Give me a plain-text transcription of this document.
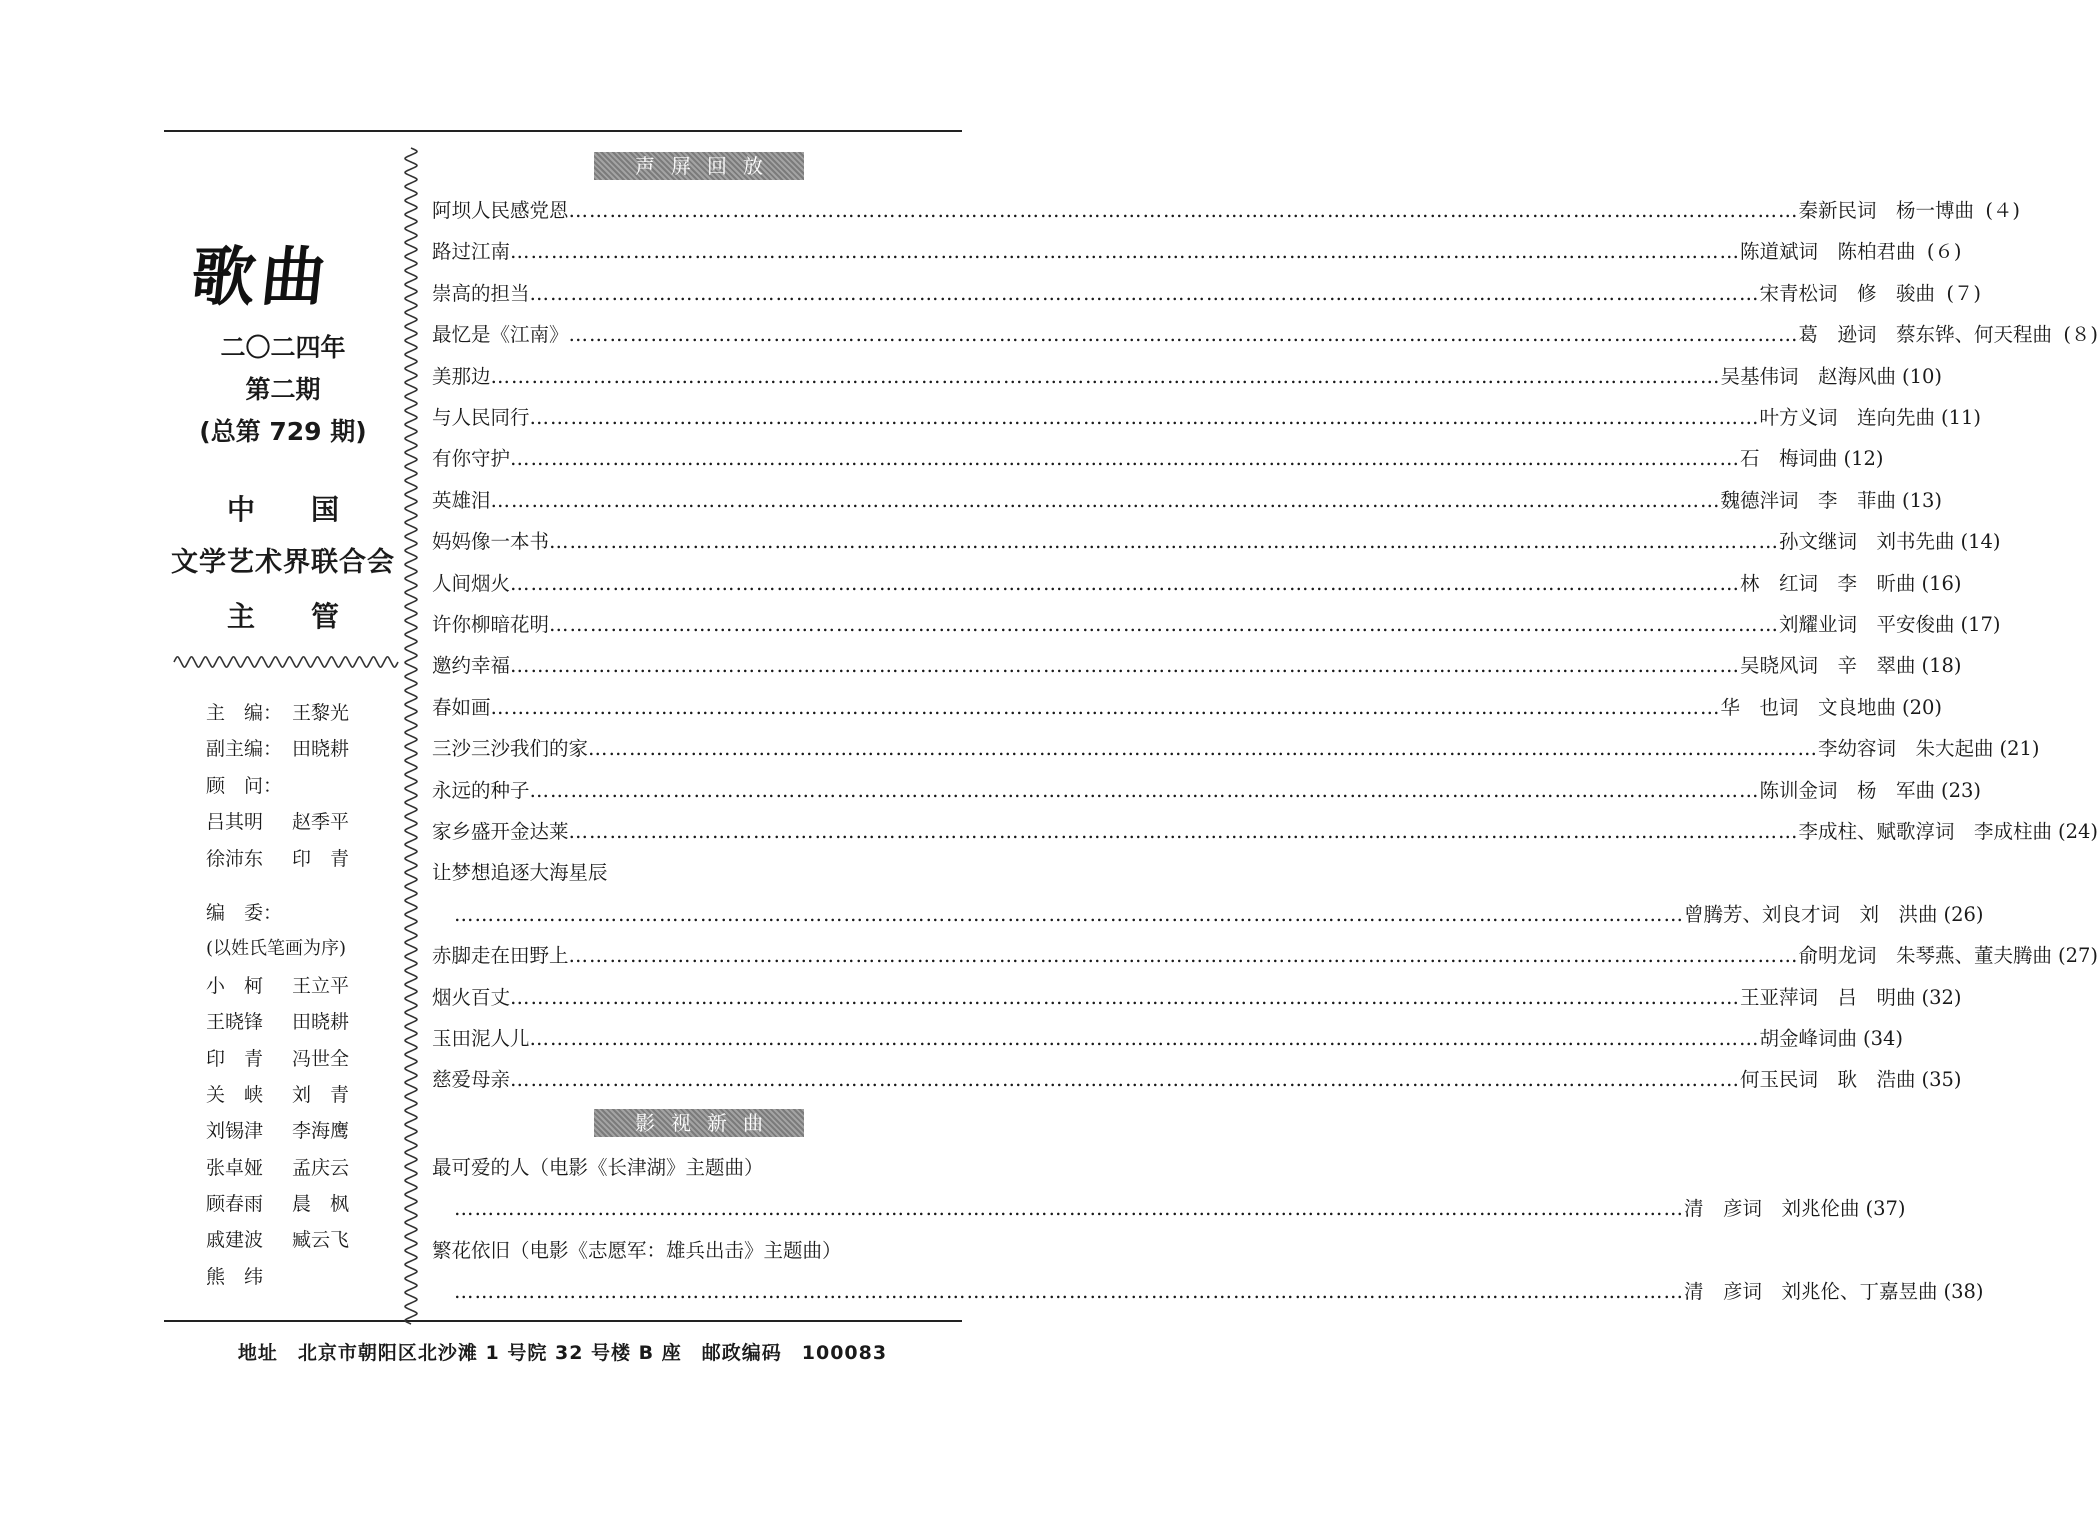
歌曲
二〇二四年
第二期
(总第 729 期)
中　　国
文学艺术界联合会
主　　管
主　编： 王黎光
副主编： 田晓耕
顾　问：
吕其明 赵季平
徐沛东 印　青
编　委：
(以姓氏笔画为序)
小　柯 王立平
王晓锋 田晓耕
印　青 冯世全
关　峡 刘　青
刘锡津 李海鹰
张卓娅 孟庆云
顾春雨 晨　枫
戚建波 臧云飞
熊　纬
声屏回放
阿坝人民感党恩 ……………………………………………………………………………………………………………………………………………………………… 秦新民词　杨一博曲 (４)
路过江南 ……………………………………………………………………………………………………………………………………………………………… 陈道斌词　陈柏君曲 (６)
崇高的担当 ……………………………………………………………………………………………………………………………………………………………… 宋青松词　修　骏曲 (７)
最忆是《江南》 ……………………………………………………………………………………………………………………………………………………………… 葛　逊词　蔡东铧、何天程曲 (８)
美那边 ……………………………………………………………………………………………………………………………………………………………… 吴基伟词　赵海风曲 (10)
与人民同行 ……………………………………………………………………………………………………………………………………………………………… 叶方义词　连向先曲 (11)
有你守护 ……………………………………………………………………………………………………………………………………………………………… 石　梅词曲 (12)
英雄泪 ……………………………………………………………………………………………………………………………………………………………… 魏德泮词　李　菲曲 (13)
妈妈像一本书 ……………………………………………………………………………………………………………………………………………………………… 孙文继词　刘书先曲 (14)
人间烟火 ……………………………………………………………………………………………………………………………………………………………… 林　红词　李　昕曲 (16)
许你柳暗花明 ……………………………………………………………………………………………………………………………………………………………… 刘耀业词　平安俊曲 (17)
邀约幸福 ……………………………………………………………………………………………………………………………………………………………… 吴晓风词　辛　翠曲 (18)
春如画 ……………………………………………………………………………………………………………………………………………………………… 华　也词　文良地曲 (20)
三沙三沙我们的家 ……………………………………………………………………………………………………………………………………………………………… 李幼容词　朱大起曲 (21)
永远的种子 ……………………………………………………………………………………………………………………………………………………………… 陈训金词　杨　军曲 (23)
家乡盛开金达莱 ……………………………………………………………………………………………………………………………………………………………… 李成柱、赋歌淳词　李成柱曲 (24)
让梦想追逐大海星辰
……………………………………………………………………………………………………………………………………………………………… 曾腾芳、刘良才词　刘　洪曲 (26)
赤脚走在田野上 ……………………………………………………………………………………………………………………………………………………………… 俞明龙词　朱琴燕、董夫腾曲 (27)
烟火百丈 ……………………………………………………………………………………………………………………………………………………………… 王亚萍词　吕　明曲 (32)
玉田泥人儿 ……………………………………………………………………………………………………………………………………………………………… 胡金峰词曲 (34)
慈爱母亲 ……………………………………………………………………………………………………………………………………………………………… 何玉民词　耿　浩曲 (35)
影视新曲
最可爱的人（电影《长津湖》主题曲）
……………………………………………………………………………………………………………………………………………………………… 清　彦词　刘兆伦曲 (37)
繁花依旧（电影《志愿军：雄兵出击》主题曲）
……………………………………………………………………………………………………………………………………………………………… 清　彦词　刘兆伦、丁嘉昱曲 (38)
地址　北京市朝阳区北沙滩 1 号院 32 号楼 B 座　邮政编码　100083
